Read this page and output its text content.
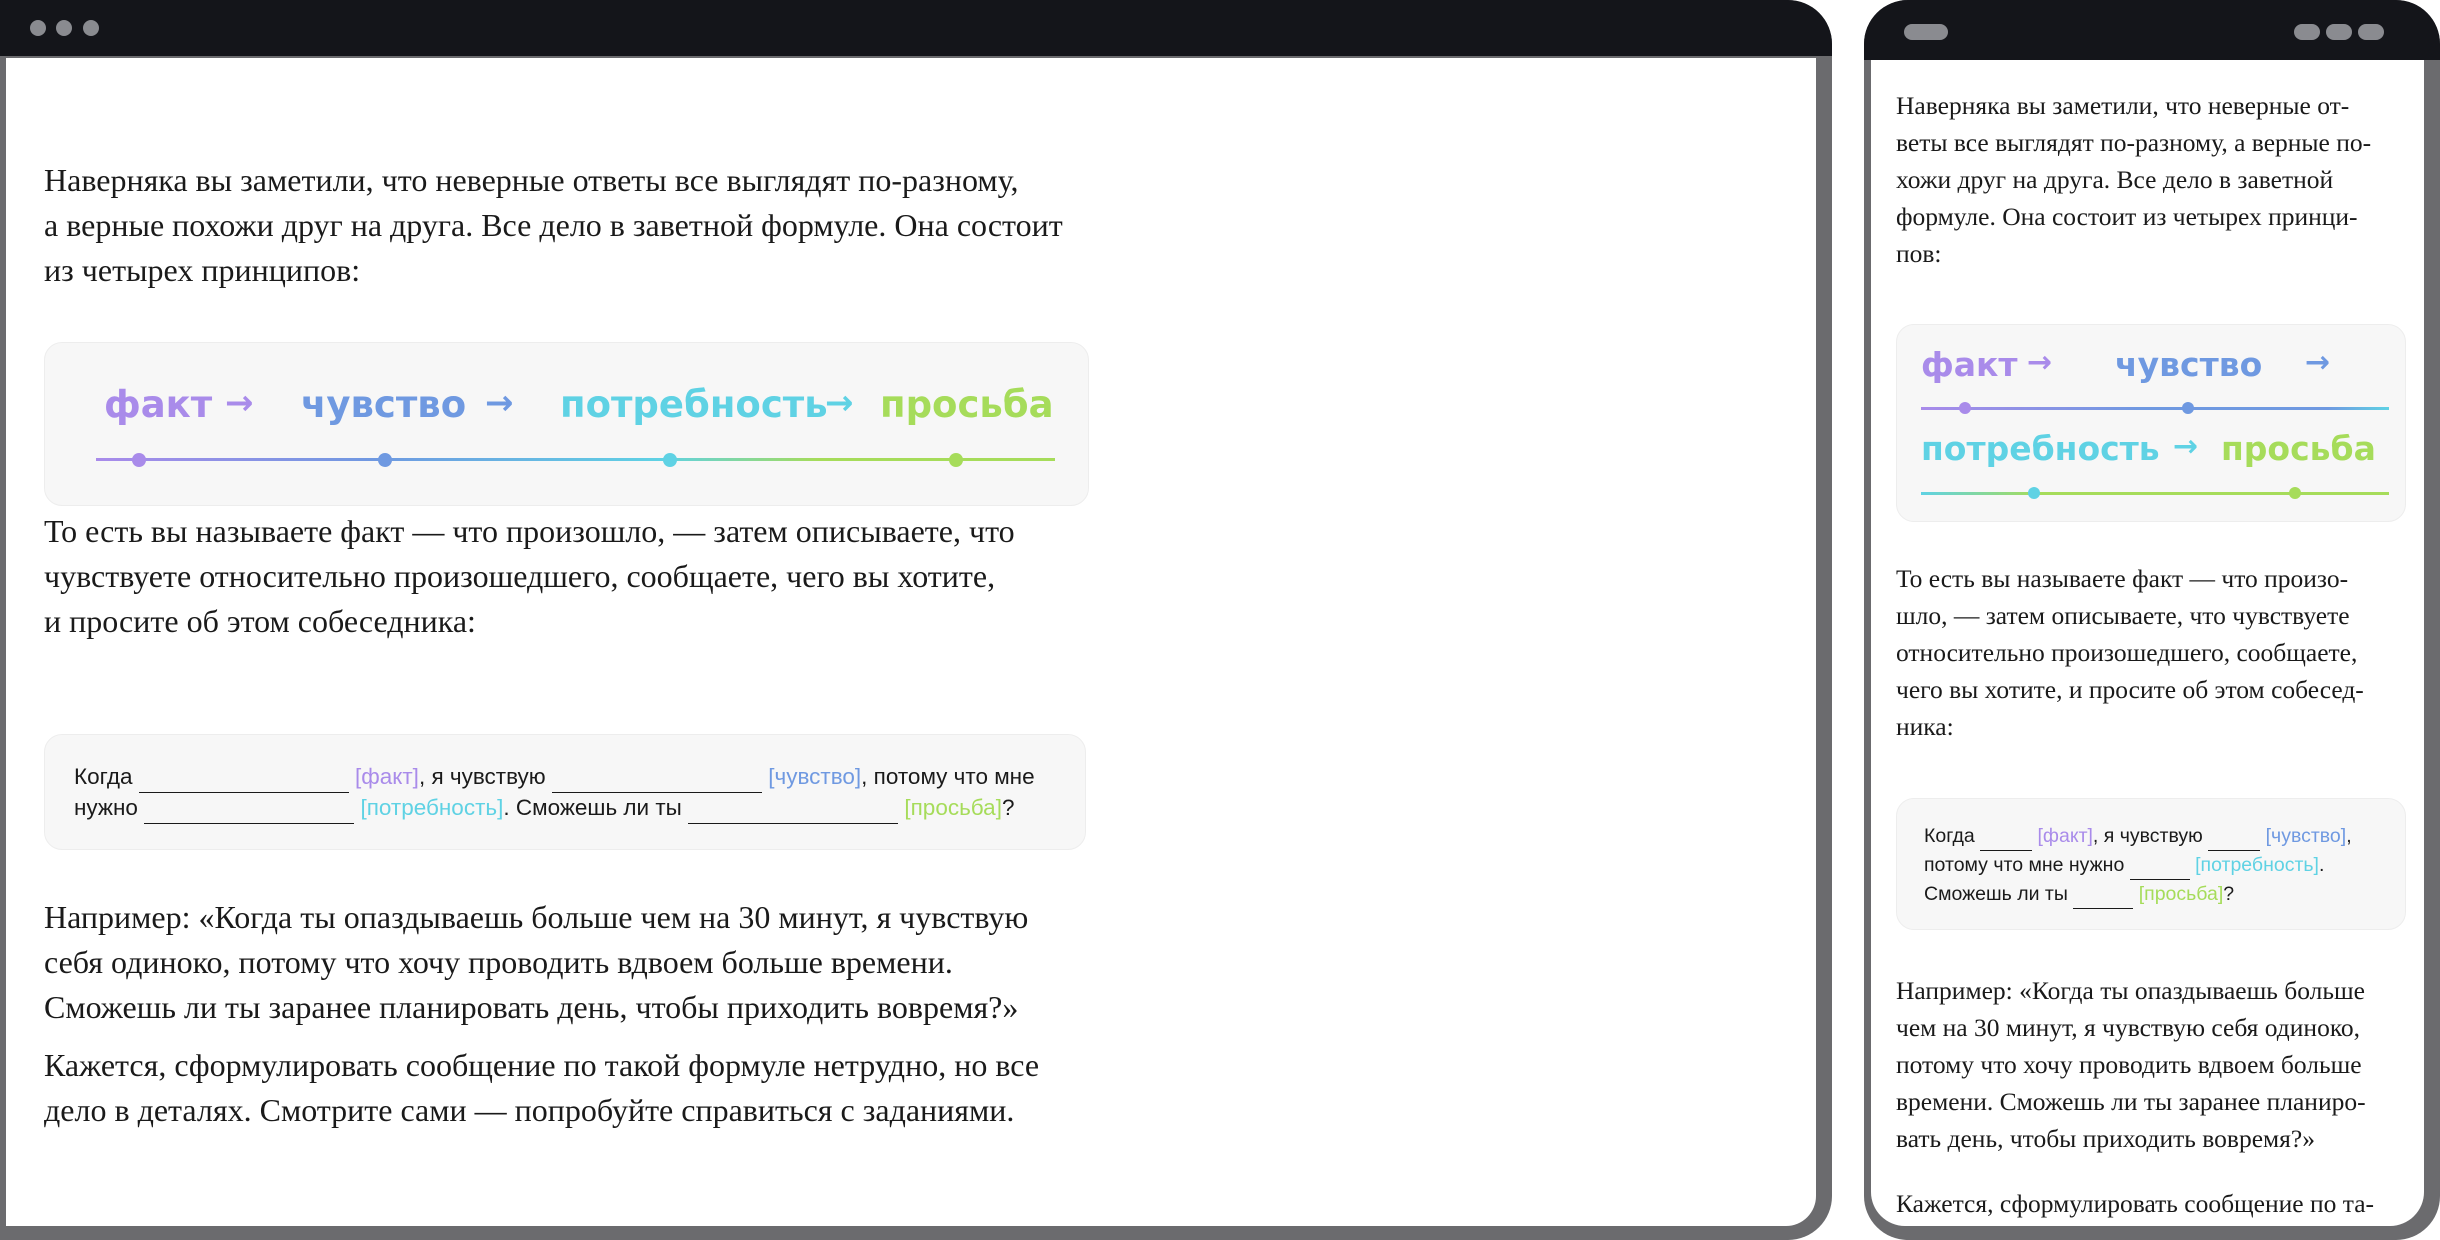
Наверняка вы заметили, что неверные ответы все выглядят по-разному,
а верные похожи друг на друга. Все дело в заветной формуле. Она состоит
из четырех принципов:

факт → чувство → потребность
→ просьба

То есть вы называете факт — что произошло, — затем описываете, что
чувствуете относительно произошедшего, сообщаете, чего вы хотите,
и просите об этом собеседника:

Когда	[факт], я чувствую	[чувство], потому что мне
нужно	[потребность]. Сможешь ли ты	[просьба]?

Например: «Когда ты опаздываешь больше чем на 30 минут, я чувствую
себя одиноко, потому что хочу проводить вдвоем больше времени.
Сможешь ли ты заранее планировать день, чтобы приходить вовремя?»

Кажется, сформулировать сообщение по такой формуле нетрудно, но все
дело в деталях. Смотрите сами — попробуйте справиться с заданиями.

Наверняка вы заметили, что неверные от-
веты все выглядят по-разному, а верные по-
хожи друг на друга. Все дело в заветной
формуле. Она состоит из четырех принци-
пов:

факт → чувство →
потребность → просьба

То есть вы называете факт — что произо-
шло, — затем описываете, что чувствуете
относительно произошедшего, сообщаете,
чего вы хотите, и просите об этом собесед-
ника:

Когда	[факт], я чувствую	[чувство],
потому что мне нужно	[потребность].
Сможешь ли ты	[просьба]?

Например: «Когда ты опаздываешь больше
чем на 30 минут, я чувствую себя одиноко,
потому что хочу проводить вдвоем больше
времени. Сможешь ли ты заранее планиро-
вать день, чтобы приходить вовремя?»

Кажется, сформулировать сообщение по та-
